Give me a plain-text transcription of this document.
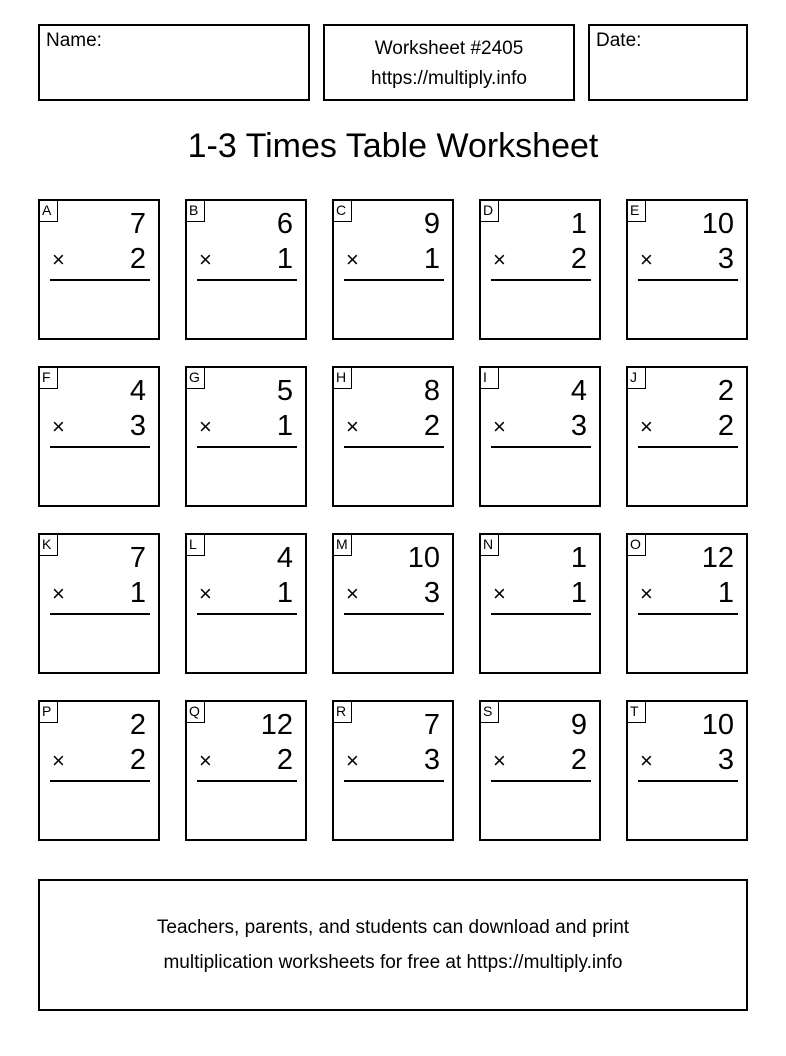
Name:	Worksheet #2405
https://multiply.info
Date:
1-3 Times Table Worksheet
A	7
× 2
B	6
× 1
C	9
× 1
D	1
× 2
E 10
× 3
F	4
× 3
G	5
× 1
H	8
× 2
I	4
× 3
J	2
× 2
K	7
× 1
L	4
× 1
M 10
× 3
N	1
× 1
O 12
× 1
P	2
× 2
Q 12
× 2
R	7
× 3
S	9
× 2
T 10
× 3
Teachers, parents, and students can download and print
multiplication worksheets for free at https://multiply.info
